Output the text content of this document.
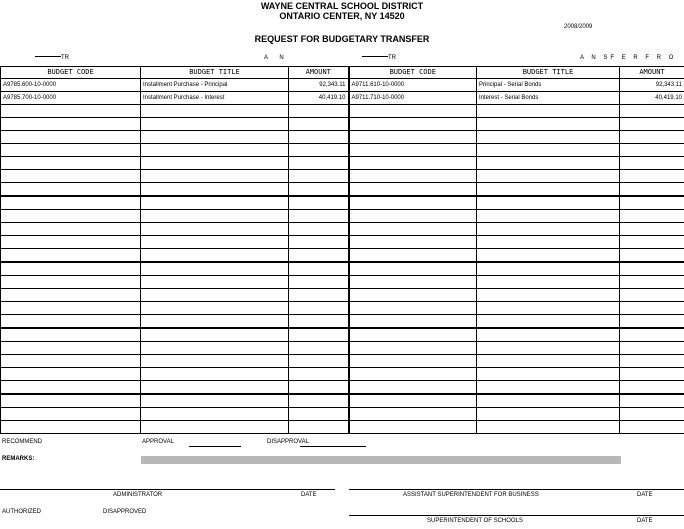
WAYNE CENTRAL SCHOOL DISTRICT
ONTARIO CENTER, NY 14520
2008/2009
REQUEST FOR BUDGETARY TRANSFER
TR	A N	TR	A N SF E R F R O
BUDGET CODE	BUDGET TITLE	AMOUNT	BUDGET CODE	BUDGET TITLE	AMOUNT
A9785.600-10-0000	Installment Purchase - Principal	92,343.11	A9711.610-10-0000	Principal - Serial Bonds	92,343.11
A9785.700-10-0000	Installment Purchase - Interest	40,419.10	A9711.710-10-0000	Interest - Serial Bonds	40,419.10

RECOMMEND	APPROVAL	DISAPPROVAL
REMARKS:
ADMINISTRATOR	DATE	ASSISTANT SUPERINTENDENT FOR BUSINESS	DATE
AUTHORIZED	DISAPPROVED
SUPERINTENDENT OF SCHOOLS	DATE
